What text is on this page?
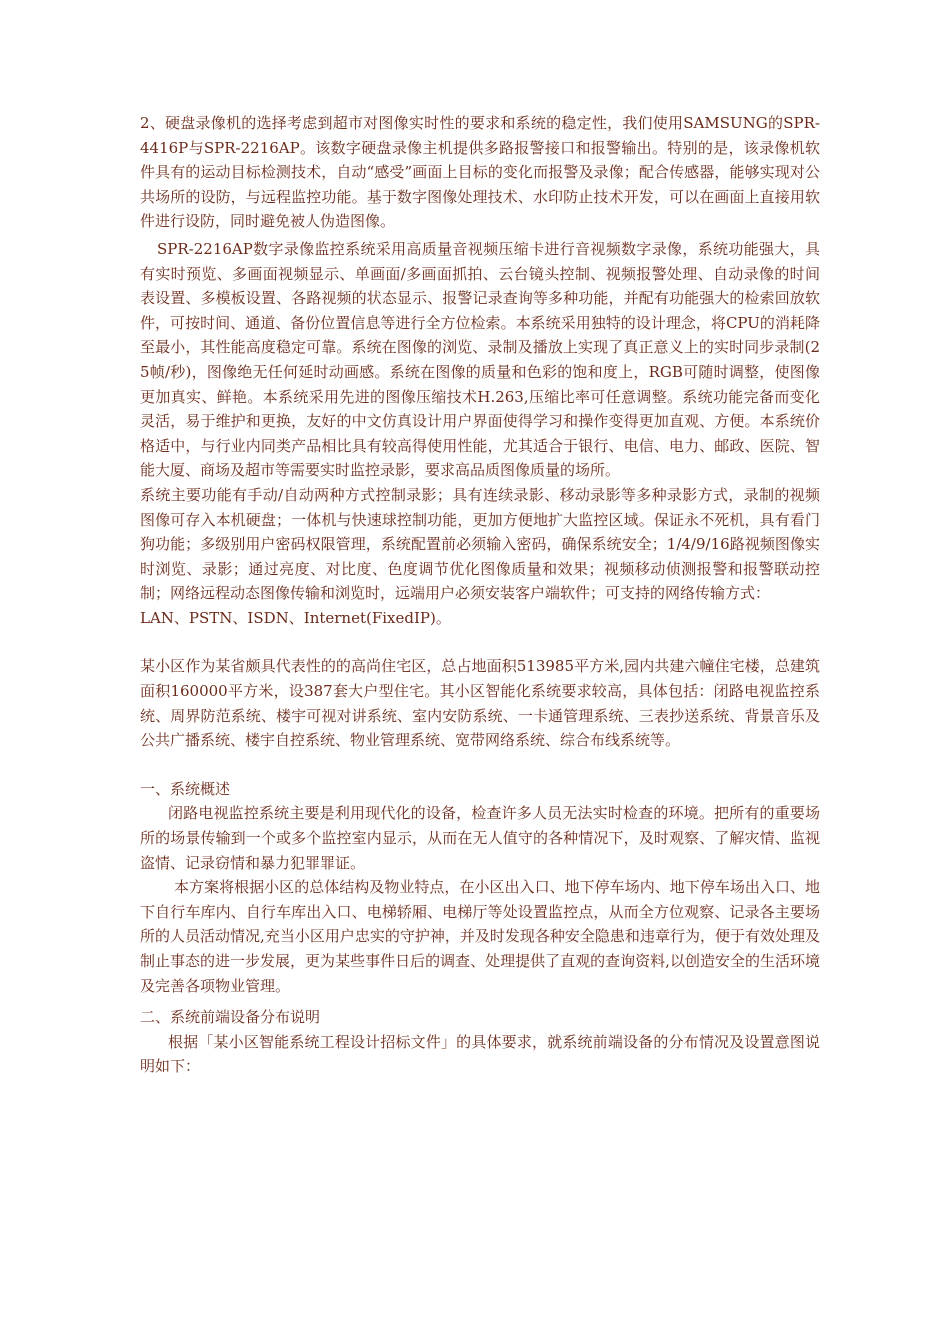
2、硬盘录像机的选择考虑到超市对图像实时性的要求和系统的稳定性，我们使用SAMSUNG的SPR-4416P与SPR-2216AP。该数字硬盘录像主机提供多路报警接口和报警输出。特别的是，该录像机软件具有的运动目标检测技术，自动“感受”画面上目标的变化而报警及录像；配合传感器，能够实现对公共场所的设防，与远程监控功能。基于数字图像处理技术、水印防止技术开发，可以在画面上直接用软件进行设防，同时避免被人伪造图像。

SPR-2216AP数字录像监控系统采用高质量音视频压缩卡进行音视频数字录像，系统功能强大，具有实时预览、多画面视频显示、单画面/多画面抓拍、云台镜头控制、视频报警处理、自动录像的时间表设置、多模板设置、各路视频的状态显示、报警记录查询等多种功能，并配有功能强大的检索回放软件，可按时间、通道、备份位置信息等进行全方位检索。本系统采用独特的设计理念，将CPU的消耗降至最小，其性能高度稳定可靠。系统在图像的浏览、录制及播放上实现了真正意义上的实时同步录制(25帧/秒)，图像绝无任何延时动画感。系统在图像的质量和色彩的饱和度上，RGB可随时调整，使图像更加真实、鲜艳。本系统采用先进的图像压缩技术H.263,压缩比率可任意调整。系统功能完备而变化灵活，易于维护和更换，友好的中文仿真设计用户界面使得学习和操作变得更加直观、方便。本系统价格适中，与行业内同类产品相比具有较高得使用性能，尤其适合于银行、电信、电力、邮政、医院、智能大厦、商场及超市等需要实时监控录影，要求高品质图像质量的场所。

系统主要功能有手动/自动两种方式控制录影；具有连续录影、移动录影等多种录影方式，录制的视频图像可存入本机硬盘；一体机与快速球控制功能，更加方便地扩大监控区域。保证永不死机，具有看门狗功能；多级别用户密码权限管理，系统配置前必须输入密码，确保系统安全；1/4/9/16路视频图像实时浏览、录影；通过亮度、对比度、色度调节优化图像质量和效果；视频移动侦测报警和报警联动控制；网络远程动态图像传输和浏览时，远端用户必须安装客户端软件；可支持的网络传输方式：

LAN、PSTN、ISDN、Internet(FixedIP)。

某小区作为某省颇具代表性的的高尚住宅区，总占地面积513985平方米,园内共建六幢住宅楼，总建筑面积160000平方米，设387套大户型住宅。其小区智能化系统要求较高，具体包括：闭路电视监控系统、周界防范系统、楼宇可视对讲系统、室内安防系统、一卡通管理系统、三表抄送系统、背景音乐及公共广播系统、楼宇自控系统、物业管理系统、宽带网络系统、综合布线系统等。

一、系统概述

闭路电视监控系统主要是利用现代化的设备，检查许多人员无法实时检查的环境。把所有的重要场所的场景传输到一个或多个监控室内显示，从而在无人值守的各种情况下，及时观察、了解灾情、监视盗情、记录窃情和暴力犯罪罪证。

本方案将根据小区的总体结构及物业特点，在小区出入口、地下停车场内、地下停车场出入口、地下自行车库内、自行车库出入口、电梯轿厢、电梯厅等处设置监控点，从而全方位观察、记录各主要场所的人员活动情况,充当小区用户忠实的守护神，并及时发现各种安全隐患和违章行为，便于有效处理及制止事态的进一步发展，更为某些事件日后的调查、处理提供了直观的查询资料,以创造安全的生活环境及完善各项物业管理。

二、系统前端设备分布说明

根据「某小区智能系统工程设计招标文件」的具体要求，就系统前端设备的分布情况及设置意图说明如下：
